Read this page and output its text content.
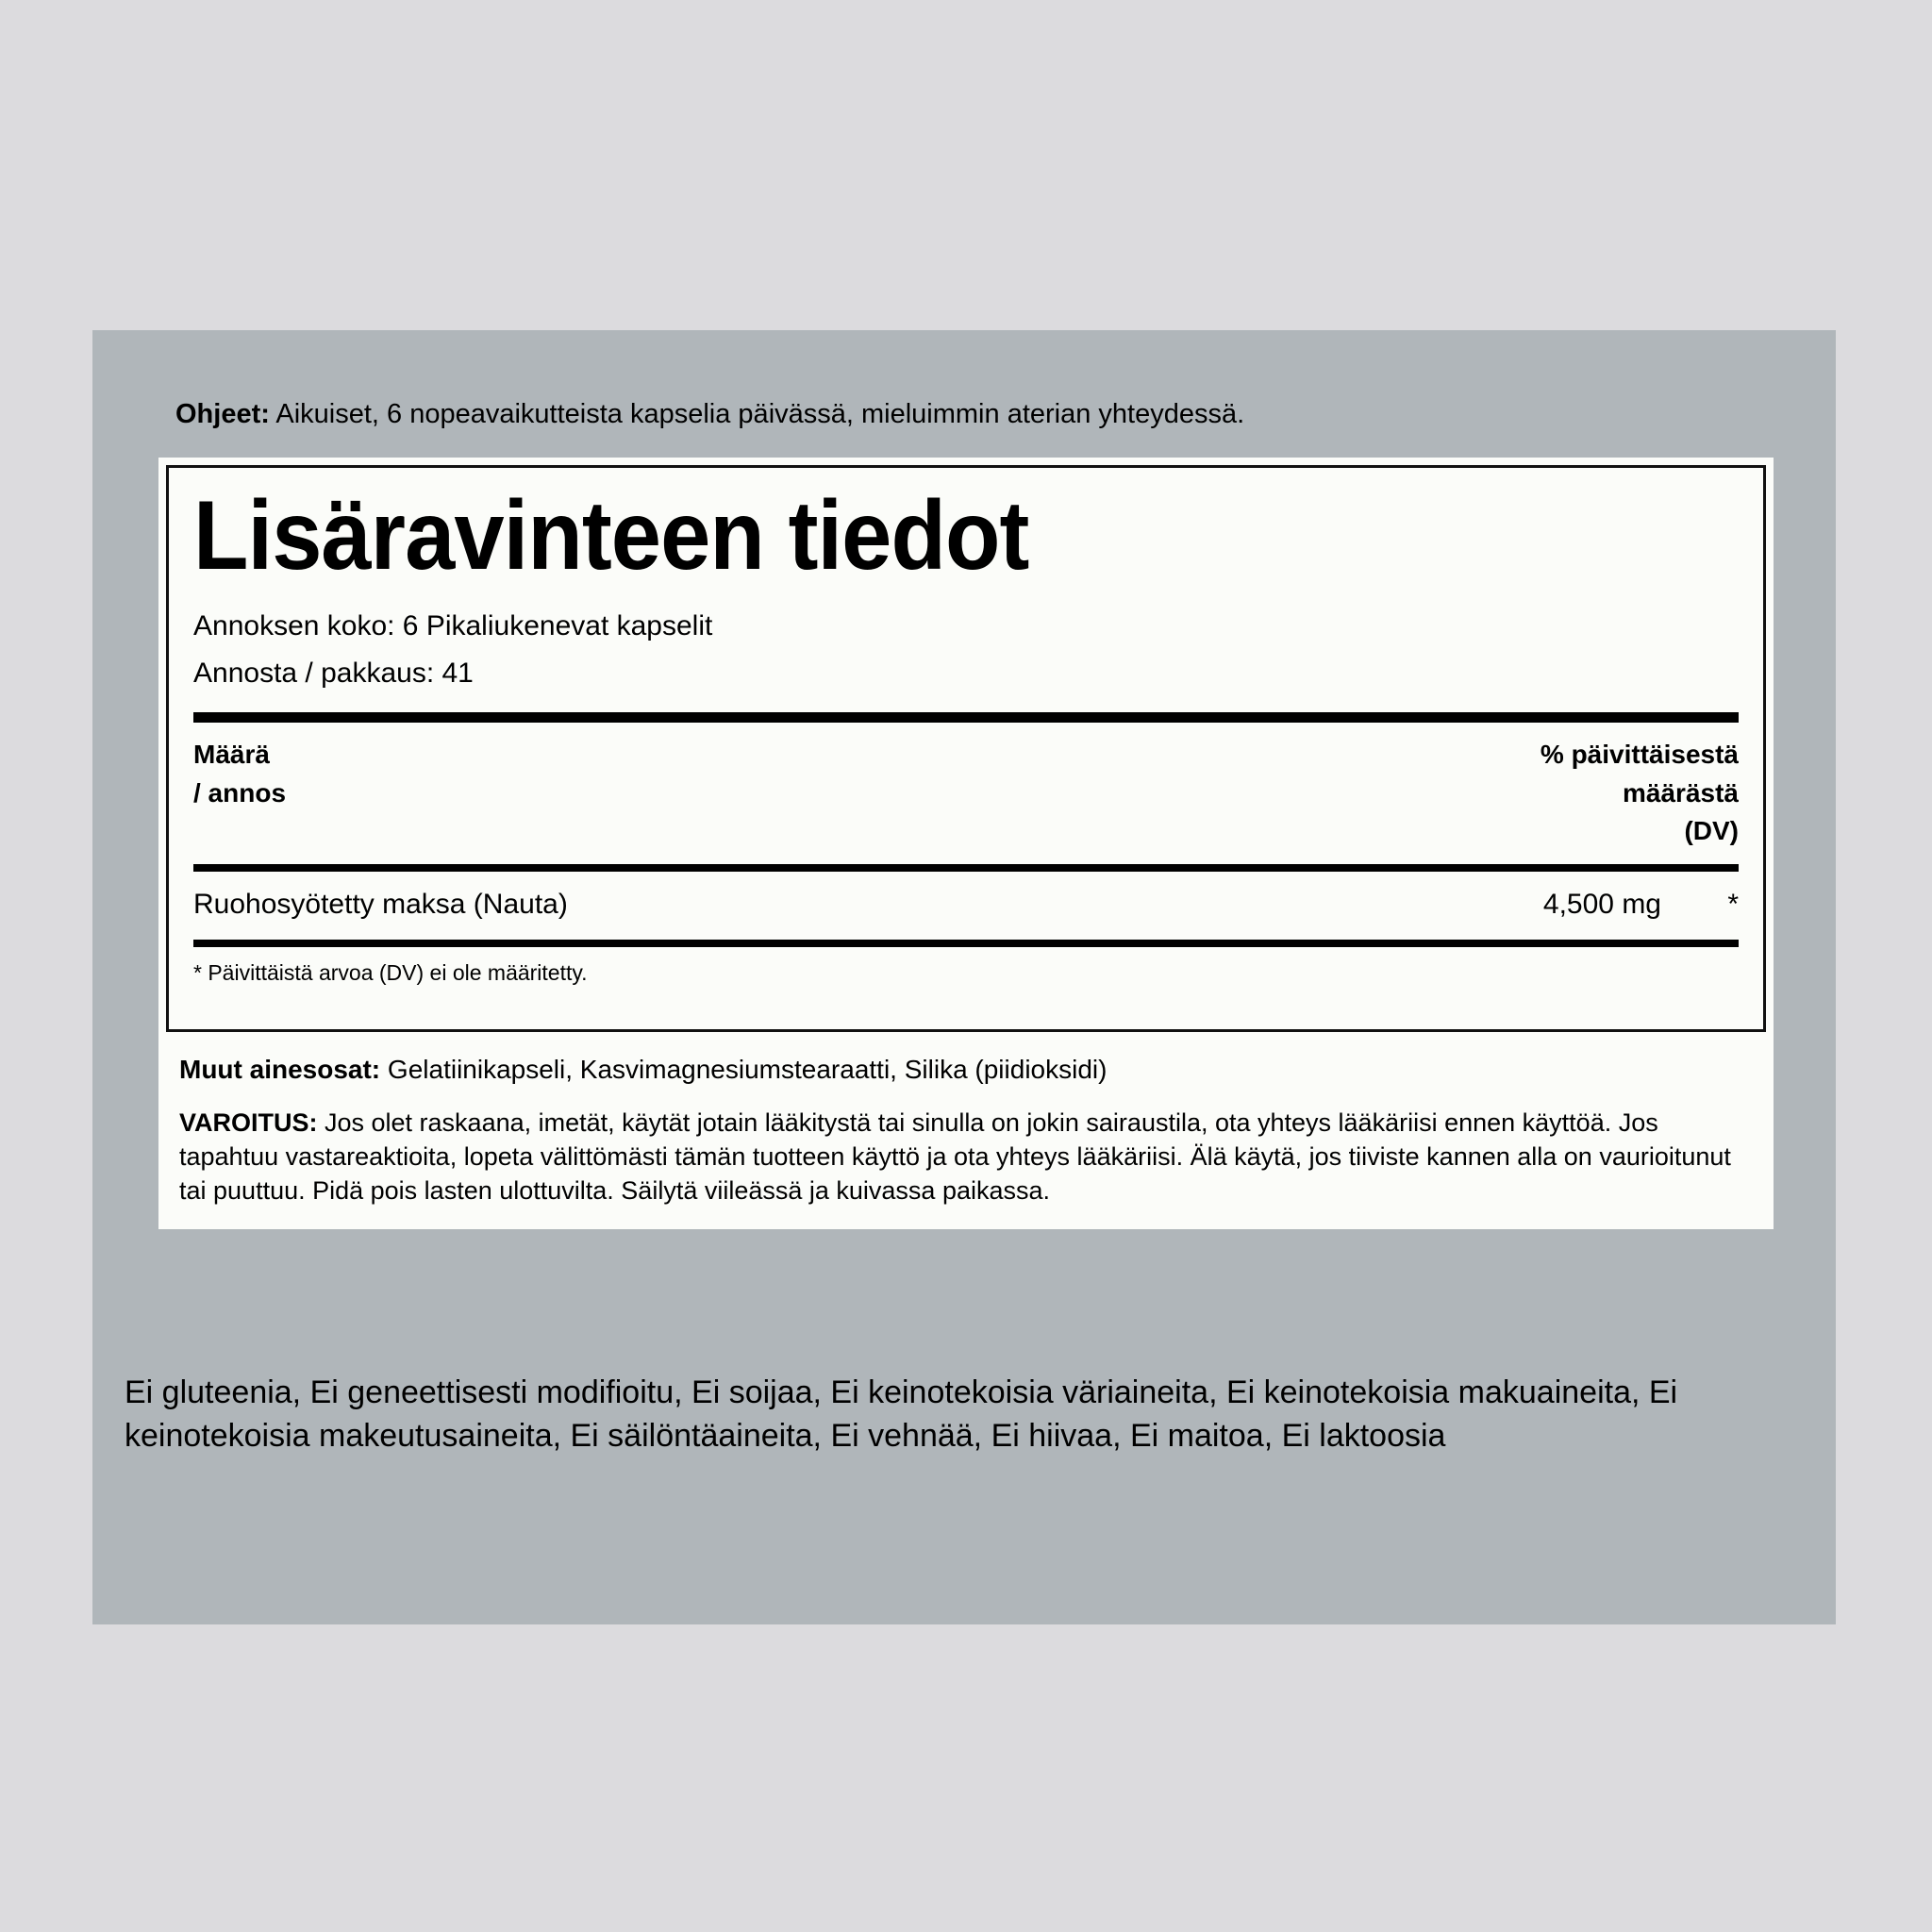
Ohjeet: Aikuiset, 6 nopeavaikutteista kapselia päivässä, mieluimmin aterian yhteydessä.
Lisäravinteen tiedot
Annoksen koko: 6 Pikaliukenevat kapselit
Annosta / pakkaus: 41
Määrä
/ annos
% päivittäisestä
määrästä
(DV)
Ruohosyötetty maksa (Nauta)	4,500 mg	*
* Päivittäistä arvoa (DV) ei ole määritetty.
Muut ainesosat: Gelatiinikapseli, Kasvimagnesiumstearaatti, Silika (piidioksidi)
VAROITUS: Jos olet raskaana, imetät, käytät jotain lääkitystä tai sinulla on jokin sairaustila, ota yhteys lääkäriisi ennen käyttöä. Jos tapahtuu vastareaktioita, lopeta välittömästi tämän tuotteen käyttö ja ota yhteys lääkäriisi. Älä käytä, jos tiiviste kannen alla on vaurioitunut tai puuttuu. Pidä pois lasten ulottuvilta. Säilytä viileässä ja kuivassa paikassa.
Ei gluteenia, Ei geneettisesti modifioitu, Ei soijaa, Ei keinotekoisia väriaineita, Ei keinotekoisia makuaineita, Ei keinotekoisia makeutusaineita, Ei säilöntäaineita, Ei vehnää, Ei hiivaa, Ei maitoa, Ei laktoosia
